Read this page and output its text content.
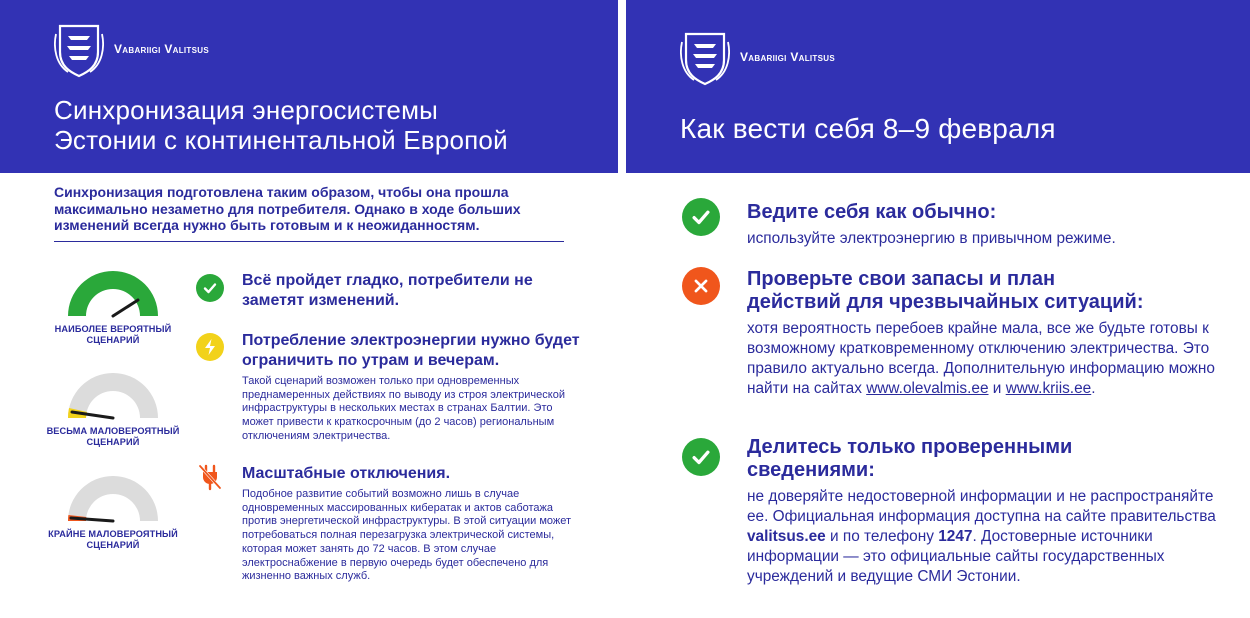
Vabariigi Valitsus
Синхронизация энергосистемы
Эстонии с континентальной Европой
Синхронизация подготовлена таким образом, чтобы она прошла максимально незаметно для потребителя. Однако в ходе больших изменений всегда нужно быть готовым и к неожиданностям.
НАИБОЛЕЕ ВЕРОЯТНЫЙ СЦЕНАРИЙ
Всё пройдет гладко, потребители не заметят изменений.
ВЕСЬМА МАЛОВЕРОЯТНЫЙ СЦЕНАРИЙ
Потребление электроэнергии нужно будет ограничить по утрам и вечерам.
Такой сценарий возможен только при одновременных преднамеренных действиях по выводу из строя электрической инфраструктуры в нескольких местах в странах Балтии. Это может привести к краткосрочным (до 2 часов) региональным отключениям электричества.
КРАЙНЕ МАЛОВЕРОЯТНЫЙ СЦЕНАРИЙ
Масштабные отключения.
Подобное развитие событий возможно лишь в случае одновременных массированных кибератак и актов саботажа против энергетической инфраструктуры. В этой ситуации может потребоваться полная перезагрузка электрической системы, которая может занять до 72 часов. В этом случае электроснабжение в первую очередь будет обеспечено для жизненно важных служб.
Vabariigi Valitsus
Как вести себя 8–9 февраля
Ведите себя как обычно:
используйте электроэнергию в привычном режиме.
Проверьте свои запасы и план
действий для чрезвычайных ситуаций:
хотя вероятность перебоев крайне мала, все же будьте готовы к возможному кратковременному отключению электричества. Это правило актуально всегда. Дополнительную информацию можно найти на сайтах www.olevalmis.ee и www.kriis.ee.
Делитесь только проверенными
сведениями:
не доверяйте недостоверной информации и не распространяйте ее. Официальная информация доступна на сайте правительства valitsus.ee и по телефону 1247. Достоверные источники информации — это официальные сайты государственных учреждений и ведущие СМИ Эстонии.
